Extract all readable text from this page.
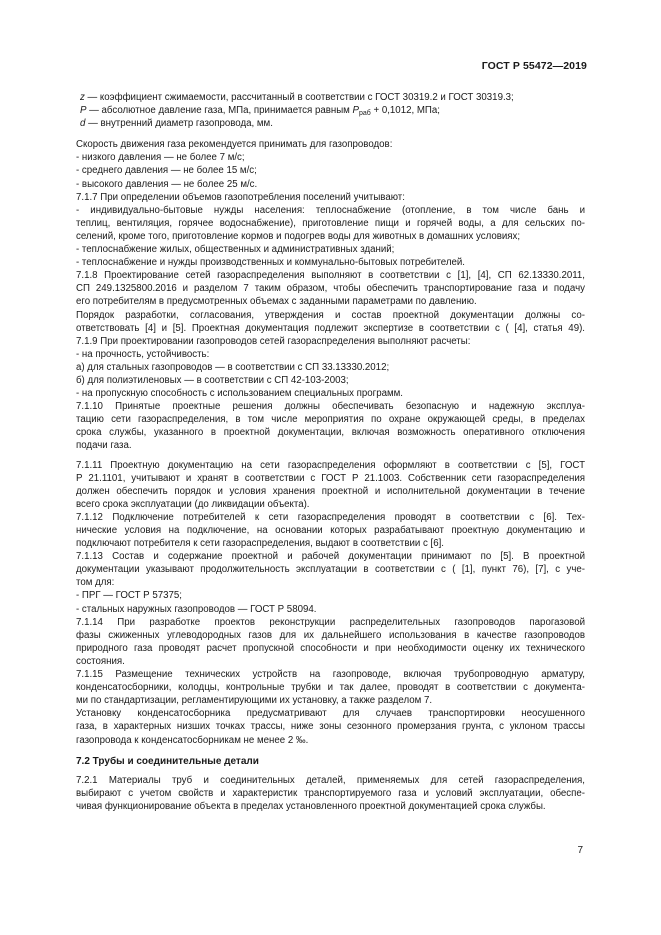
ГОСТ Р 55472—2019
z — коэффициент сжимаемости, рассчитанный в соответствии с ГОСТ 30319.2 и ГОСТ 30319.3;
P — абсолютное давление газа, МПа, принимается равным $P_{раб} + 0,1012$, МПа;
d — внутренний диаметр газопровода, мм.
Скорость движения газа рекомендуется принимать для газопроводов:
- низкого давления — не более 7 м/с;
- среднего давления — не более 15 м/с;
- высокого давления — не более 25 м/с.
7.1.7 При определении объемов газопотребления поселений учитывают:
- индивидуально-бытовые нужды населения: теплоснабжение (отопление, в том числе бань и
теплиц, вентиляция, горячее водоснабжение), приготовление пищи и горячей воды, а для сельских по-
селений, кроме того, приготовление кормов и подогрев воды для животных в домашних условиях;
- теплоснабжение жилых, общественных и административных зданий;
- теплоснабжение и нужды производственных и коммунально-бытовых потребителей.
7.1.8 Проектирование сетей газораспределения выполняют в соответствии с [1], [4], СП 62.13330.2011,
СП 249.1325800.2016 и разделом 7 таким образом, чтобы обеспечить транспортирование газа и подачу
его потребителям в предусмотренных объемах с заданными параметрами по давлению.
Порядок разработки, согласования, утверждения и состав проектной документации должны со-
ответствовать [4] и [5]. Проектная документация подлежит экспертизе в соответствии с ( [4], статья 49).
7.1.9 При проектировании газопроводов сетей газораспределения выполняют расчеты:
- на прочность, устойчивость:
а) для стальных газопроводов — в соответствии с СП 33.13330.2012;
б) для полиэтиленовых — в соответствии с СП 42-103-2003;
- на пропускную способность с использованием специальных программ.
7.1.10 Принятые проектные решения должны обеспечивать безопасную и надежную эксплуа-
тацию сети газораспределения, в том числе мероприятия по охране окружающей среды, в пределах
срока службы, указанного в проектной документации, включая возможность оперативного отключения
подачи газа.
7.1.11 Проектную документацию на сети газораспределения оформляют в соответствии с [5], ГОСТ
Р 21.1101, учитывают и хранят в соответствии с ГОСТ Р 21.1003. Собственник сети газораспределения
должен обеспечить порядок и условия хранения проектной и исполнительной документации в течение
всего срока эксплуатации (до ликвидации объекта).
7.1.12 Подключение потребителей к сети газораспределения проводят в соответствии с [6]. Тех-
нические условия на подключение, на основании которых разрабатывают проектную документацию и
подключают потребителя к сети газораспределения, выдают в соответствии с [6].
7.1.13 Состав и содержание проектной и рабочей документации принимают по [5]. В проектной
документации указывают продолжительность эксплуатации в соответствии с ( [1], пункт 76), [7], с уче-
том для:
- ПРГ — ГОСТ Р 57375;
- стальных наружных газопроводов — ГОСТ Р 58094.
7.1.14 При разработке проектов реконструкции распределительных газопроводов парогазовой
фазы сжиженных углеводородных газов для их дальнейшего использования в качестве газопроводов
природного газа проводят расчет пропускной способности и при необходимости оценку их технического
состояния.
7.1.15 Размещение технических устройств на газопроводе, включая трубопроводную арматуру,
конденсатосборники, колодцы, контрольные трубки и так далее, проводят в соответствии с документа-
ми по стандартизации, регламентирующими их установку, а также разделом 7.
Установку конденсатосборника предусматривают для случаев транспортировки неосушенного
газа, в характерных низших точках трассы, ниже зоны сезонного промерзания грунта, с уклоном трассы
газопровода к конденсатосборникам не менее 2 ‰.
7.2 Трубы и соединительные детали
7.2.1 Материалы труб и соединительных деталей, применяемых для сетей газораспределения,
выбирают с учетом свойств и характеристик транспортируемого газа и условий эксплуатации, обеспе-
чивая функционирование объекта в пределах установленного проектной документацией срока службы.
7
